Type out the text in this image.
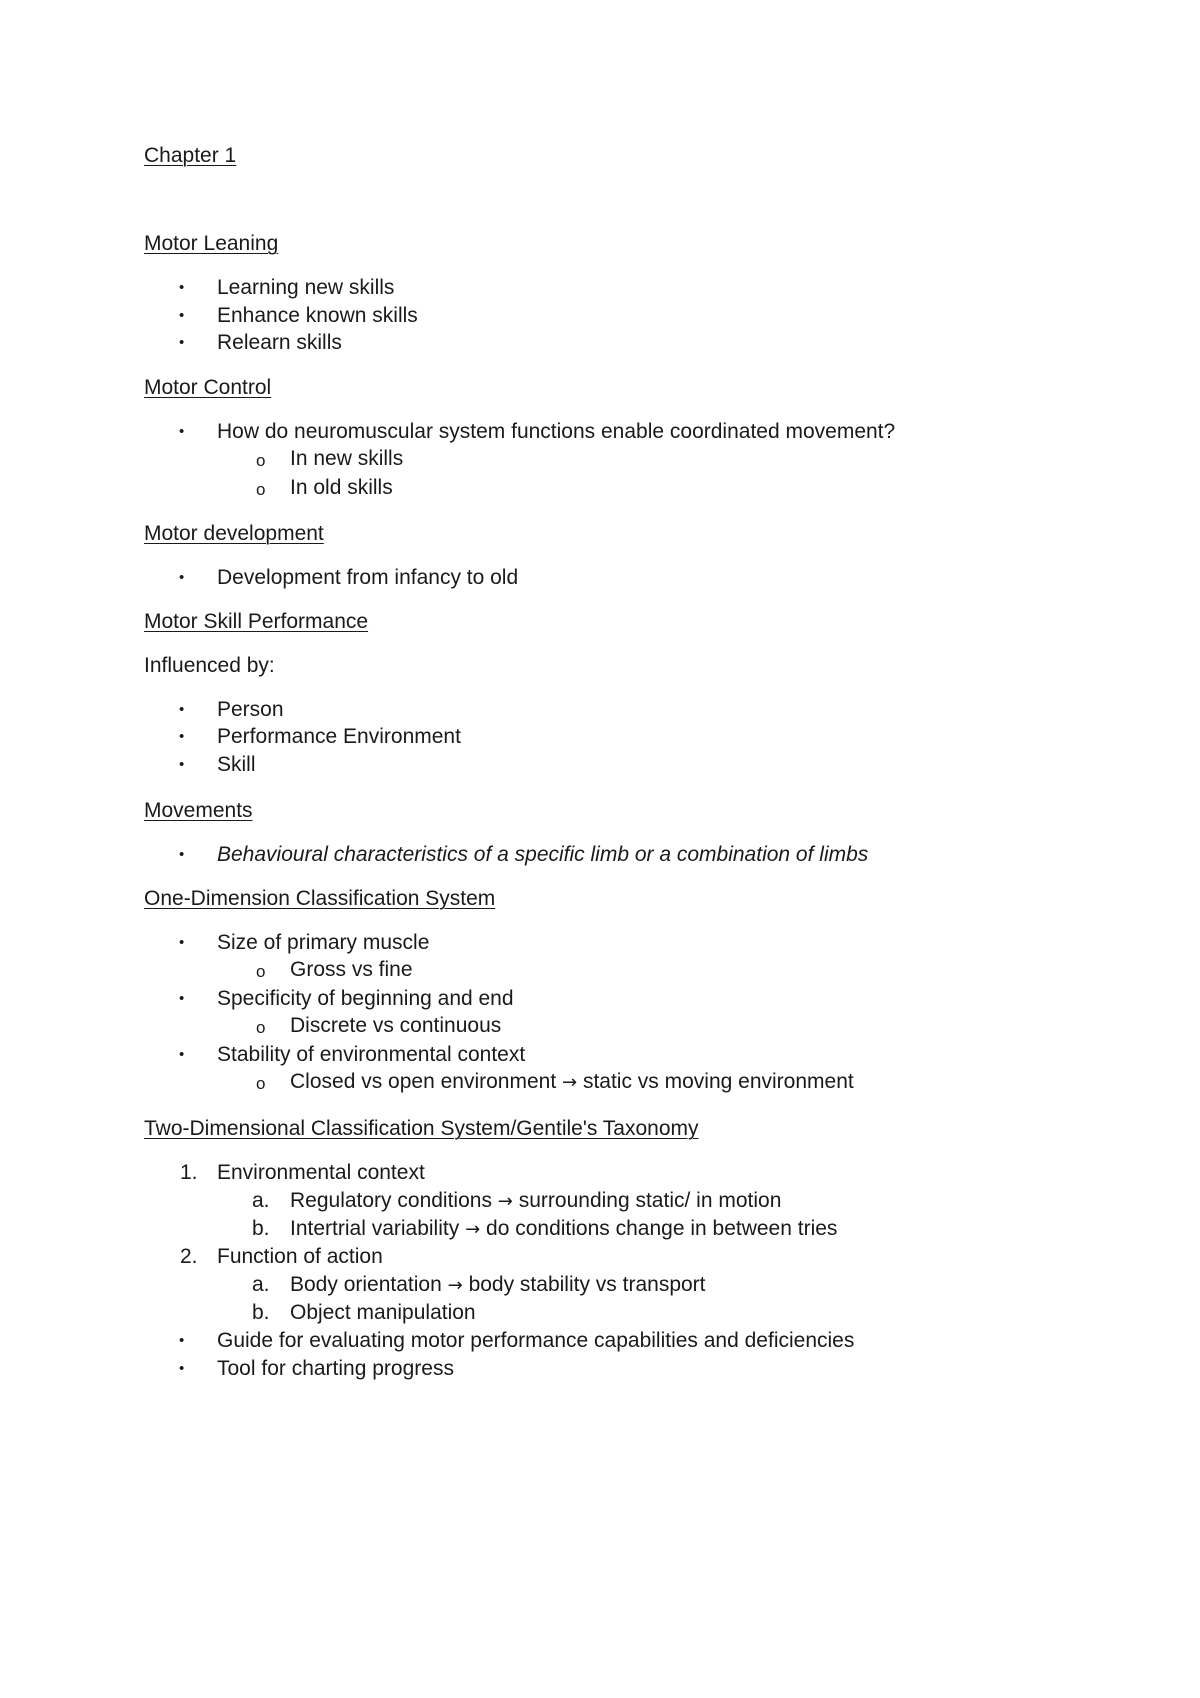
Chapter 1
Motor Leaning
• Learning new skills
• Enhance known skills
• Relearn skills
Motor Control
• How do neuromuscular system functions enable coordinated movement?
o In new skills
o In old skills
Motor development
• Development from infancy to old
Motor Skill Performance
Influenced by:
• Person
• Performance Environment
• Skill
Movements
• Behavioural characteristics of a specific limb or a combination of limbs
One-Dimension Classification System
• Size of primary muscle
o Gross vs fine
• Specificity of beginning and end
o Discrete vs continuous
• Stability of environmental context
o Closed vs open environment → static vs moving environment
Two-Dimensional Classification System/Gentile's Taxonomy
1. Environmental context
a. Regulatory conditions → surrounding static/ in motion
b. Intertrial variability → do conditions change in between tries
2. Function of action
a. Body orientation → body stability vs transport
b. Object manipulation
• Guide for evaluating motor performance capabilities and deficiencies
• Tool for charting progress
